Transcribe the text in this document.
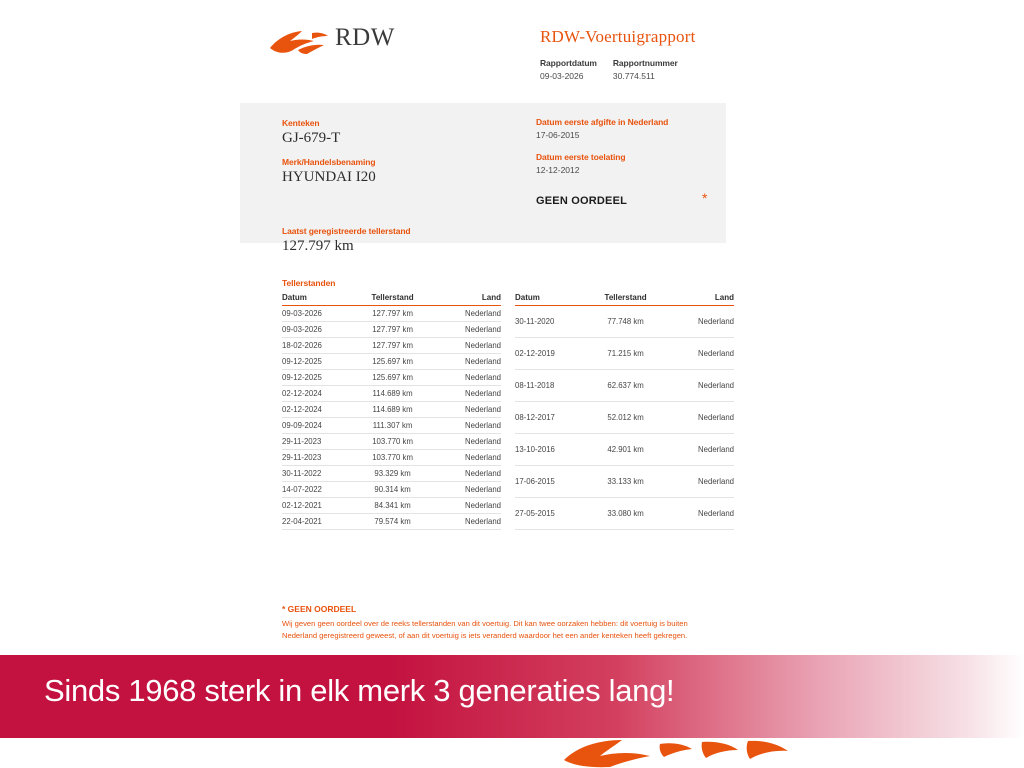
RDW	RDW-Voertuigrapport
Rapportdatum
09-03-2026
Rapportnummer
30.774.511
Kenteken
GJ-679-T
Merk/Handelsbenaming
HYUNDAI I20
Laatst geregistreerde tellerstand
127.797 km
Datum eerste afgifte in Nederland
17-06-2015
Datum eerste toelating
12-12-2012
GEEN OORDEEL	*
Tellerstanden
Datum	Tellerstand	Land
09-03-2026	127.797 km	Nederland
09-03-2026	127.797 km	Nederland
18-02-2026	127.797 km	Nederland
09-12-2025	125.697 km	Nederland
09-12-2025	125.697 km	Nederland
02-12-2024	114.689 km	Nederland
02-12-2024	114.689 km	Nederland
09-09-2024	111.307 km	Nederland
29-11-2023	103.770 km	Nederland
29-11-2023	103.770 km	Nederland
30-11-2022	93.329 km	Nederland
14-07-2022	90.314 km	Nederland
02-12-2021	84.341 km	Nederland
22-04-2021	79.574 km	Nederland
Datum	Tellerstand	Land
30-11-2020	77.748 km	Nederland
02-12-2019	71.215 km	Nederland
08-11-2018	62.637 km	Nederland
08-12-2017	52.012 km	Nederland
13-10-2016	42.901 km	Nederland
17-06-2015	33.133 km	Nederland
27-05-2015	33.080 km	Nederland
* GEEN OORDEEL
Wij geven geen oordeel over de reeks tellerstanden van dit voertuig. Dit kan twee oorzaken hebben: dit voertuig is buiten Nederland geregistreerd geweest, of aan dit voertuig is iets veranderd waardoor het een ander kenteken heeft gekregen.
Sinds 1968 sterk in elk merk 3 generaties lang!
